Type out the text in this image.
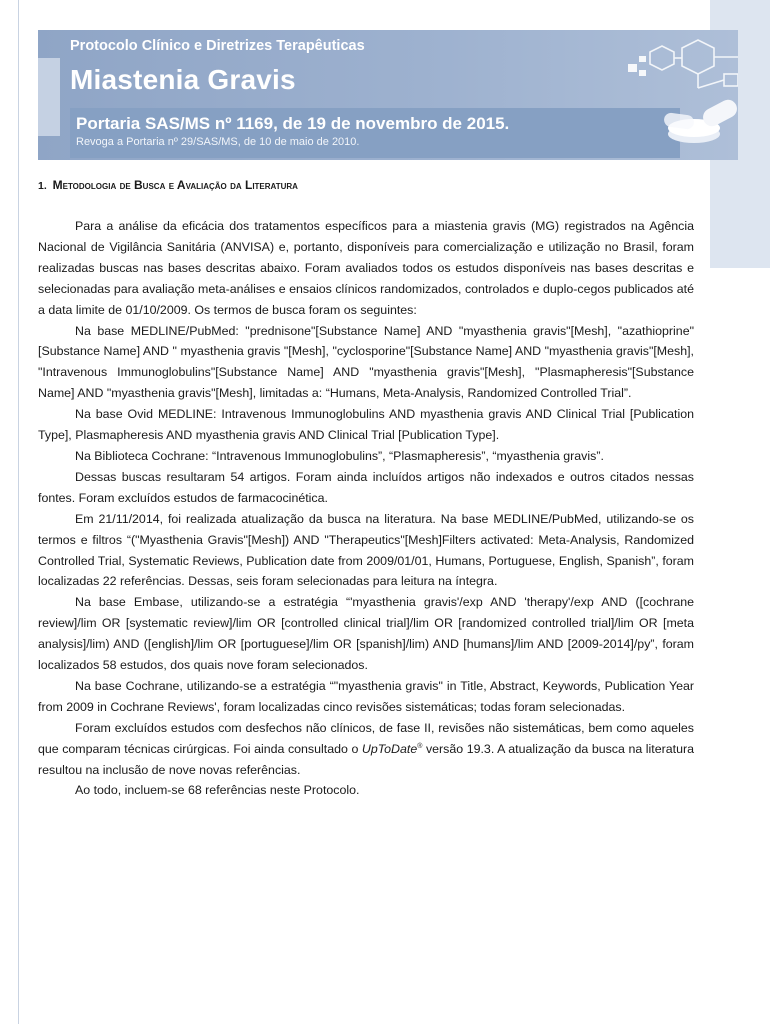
Protocolo Clínico e Diretrizes Terapêuticas
Miastenia Gravis
Portaria SAS/MS nº 1169, de 19 de novembro de 2015.
Revoga a Portaria nº 29/SAS/MS, de 10 de maio de 2010.
1. Metodologia de Busca e Avaliação da Literatura

Para a análise da eficácia dos tratamentos específicos para a miastenia gravis (MG) registrados na Agência Nacional de Vigilância Sanitária (ANVISA) e, portanto, disponíveis para comercialização e utilização no Brasil, foram realizadas buscas nas bases descritas abaixo. Foram avaliados todos os estudos disponíveis nas bases descritas e selecionadas para avaliação meta-análises e ensaios clínicos randomizados, controlados e duplo-cegos publicados até a data limite de 01/10/2009. Os termos de busca foram os seguintes:

Na base MEDLINE/PubMed: "prednisone"[Substance Name] AND "myasthenia gravis"[Mesh], "azathioprine"[Substance Name] AND " myasthenia gravis "[Mesh], "cyclosporine"[Substance Name] AND "myasthenia gravis"[Mesh], "Intravenous Immunoglobulins"[Substance Name] AND "myasthenia gravis"[Mesh], "Plasmapheresis"[Substance Name] AND "myasthenia gravis"[Mesh], limitadas a: “Humans, Meta-Analysis, Randomized Controlled Trial”.

Na base Ovid MEDLINE: Intravenous Immunoglobulins AND myasthenia gravis AND Clinical Trial [Publication Type], Plasmapheresis AND myasthenia gravis AND Clinical Trial [Publication Type].

Na Biblioteca Cochrane: “Intravenous Immunoglobulins”, “Plasmapheresis”, “myasthenia gravis”.

Dessas buscas resultaram 54 artigos. Foram ainda incluídos artigos não indexados e outros citados nessas fontes. Foram excluídos estudos de farmacocinética.

Em 21/11/2014, foi realizada atualização da busca na literatura. Na base MEDLINE/PubMed, utilizando-se os termos e filtros “("Myasthenia Gravis"[Mesh]) AND "Therapeutics"[Mesh]Filters activated: Meta-Analysis, Randomized Controlled Trial, Systematic Reviews, Publication date from 2009/01/01, Humans, Portuguese, English, Spanish”, foram localizadas 22 referências. Dessas, seis foram selecionadas para leitura na íntegra.

Na base Embase, utilizando-se a estratégia “'myasthenia gravis'/exp AND 'therapy'/exp AND ([cochrane review]/lim OR [systematic review]/lim OR [controlled clinical trial]/lim OR [randomized controlled trial]/lim OR [meta analysis]/lim) AND ([english]/lim OR [portuguese]/lim OR [spanish]/lim) AND [humans]/lim AND [2009-2014]/py”, foram localizados 58 estudos, dos quais nove foram selecionados.

Na base Cochrane, utilizando-se a estratégia “"myasthenia gravis" in Title, Abstract, Keywords, Publication Year from 2009 in Cochrane Reviews', foram localizadas cinco revisões sistemáticas; todas foram selecionadas.

Foram excluídos estudos com desfechos não clínicos, de fase II, revisões não sistemáticas, bem como aqueles que comparam técnicas cirúrgicas. Foi ainda consultado o UpToDate® versão 19.3. A atualização da busca na literatura resultou na inclusão de nove novas referências.

Ao todo, incluem-se 68 referências neste Protocolo.
